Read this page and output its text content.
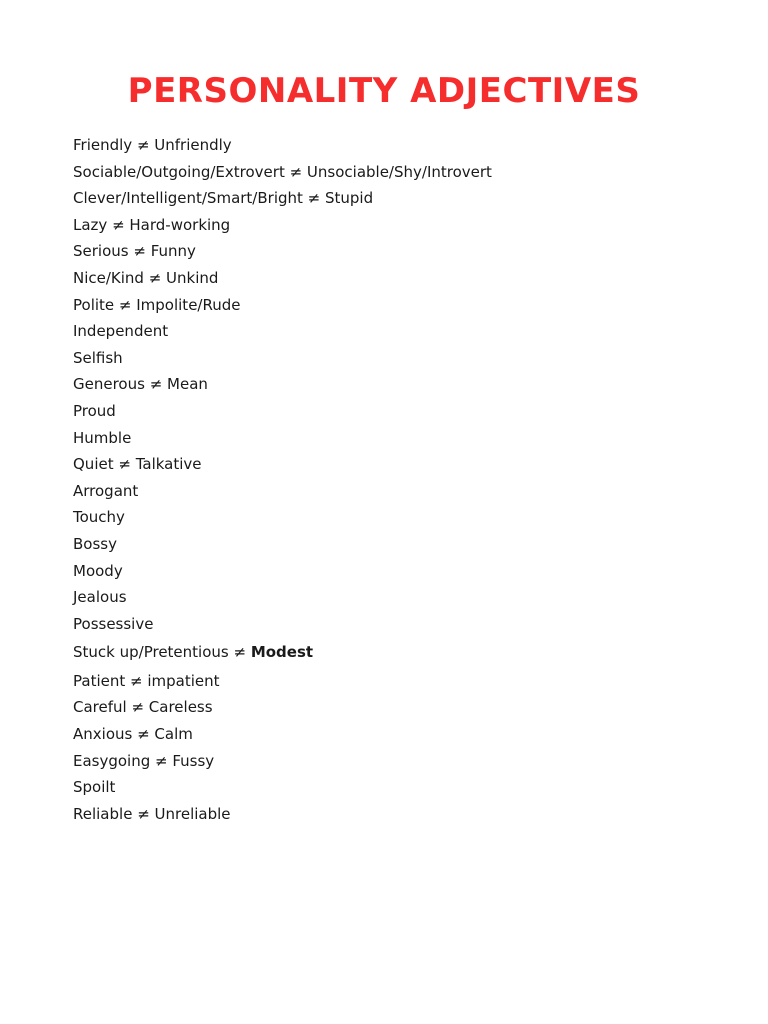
PERSONALITY ADJECTIVES
Friendly ≠ Unfriendly
Sociable/Outgoing/Extrovert ≠ Unsociable/Shy/Introvert
Clever/Intelligent/Smart/Bright ≠ Stupid
Lazy ≠ Hard-working
Serious ≠ Funny
Nice/Kind ≠ Unkind
Polite ≠ Impolite/Rude
Independent
Selfish
Generous ≠ Mean
Proud
Humble
Quiet ≠ Talkative
Arrogant
Touchy
Bossy
Moody
Jealous
Possessive
Stuck up/Pretentious ≠ Modest
Patient ≠ impatient
Careful ≠ Careless
Anxious ≠ Calm
Easygoing ≠ Fussy
Spoilt
Reliable ≠ Unreliable
